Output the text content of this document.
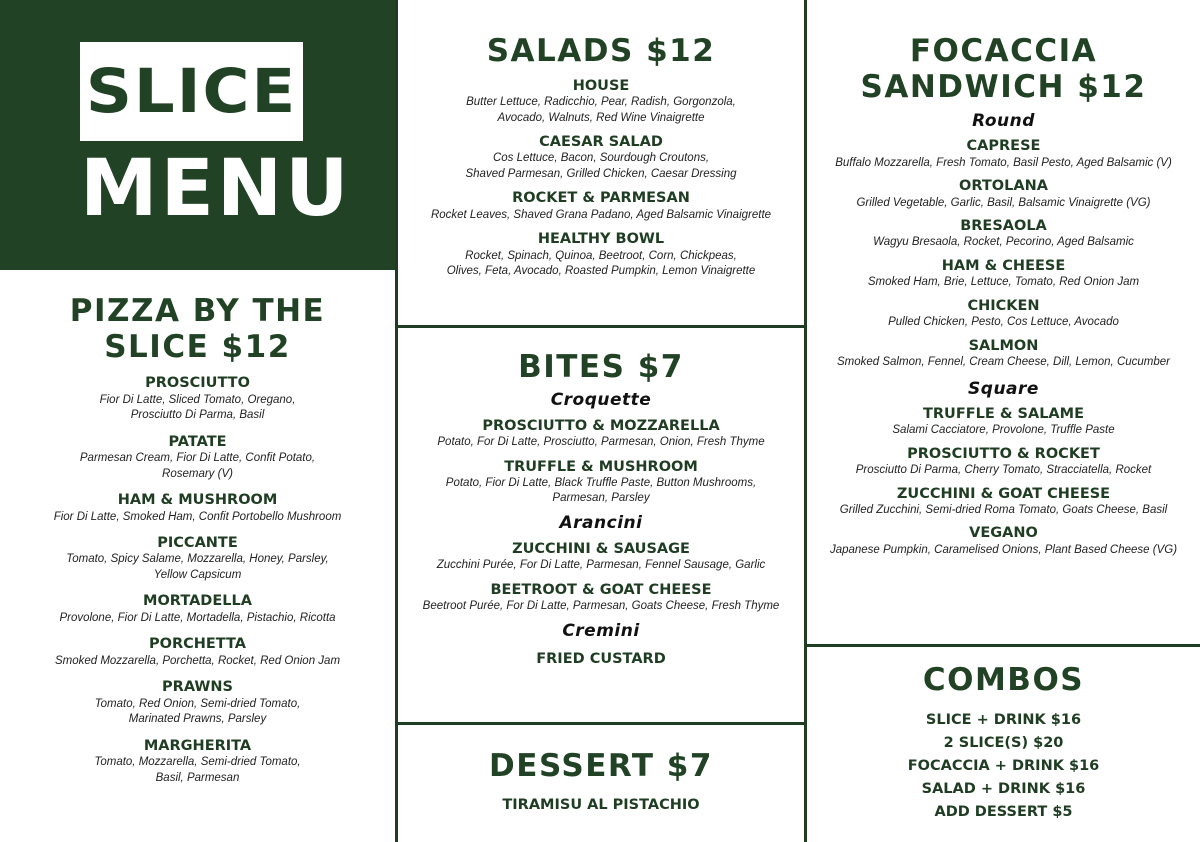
SLICE
MENU
PIZZA BY THE
SLICE $12
PROSCIUTTO
Fior Di Latte, Sliced Tomato, Oregano,
Prosciutto Di Parma, Basil
PATATE
Parmesan Cream, Fior Di Latte, Confit Potato,
Rosemary (V)
HAM & MUSHROOM
Fior Di Latte, Smoked Ham, Confit Portobello Mushroom
PICCANTE
Tomato, Spicy Salame, Mozzarella, Honey, Parsley,
Yellow Capsicum
MORTADELLA
Provolone, Fior Di Latte, Mortadella, Pistachio, Ricotta
PORCHETTA
Smoked Mozzarella, Porchetta, Rocket, Red Onion Jam
PRAWNS
Tomato, Red Onion, Semi-dried Tomato,
Marinated Prawns, Parsley
MARGHERITA
Tomato, Mozzarella, Semi-dried Tomato,
Basil, Parmesan
SALADS $12
HOUSE
Butter Lettuce, Radicchio, Pear, Radish, Gorgonzola,
Avocado, Walnuts, Red Wine Vinaigrette
CAESAR SALAD
Cos Lettuce, Bacon, Sourdough Croutons,
Shaved Parmesan, Grilled Chicken, Caesar Dressing
ROCKET & PARMESAN
Rocket Leaves, Shaved Grana Padano, Aged Balsamic Vinaigrette
HEALTHY BOWL
Rocket, Spinach, Quinoa, Beetroot, Corn, Chickpeas,
Olives, Feta, Avocado, Roasted Pumpkin, Lemon Vinaigrette
BITES $7
Croquette
PROSCIUTTO & MOZZARELLA
Potato, For Di Latte, Prosciutto, Parmesan, Onion, Fresh Thyme
TRUFFLE & MUSHROOM
Potato, Fior Di Latte, Black Truffle Paste, Button Mushrooms,
Parmesan, Parsley
Arancini
ZUCCHINI & SAUSAGE
Zucchini Purée, For Di Latte, Parmesan, Fennel Sausage, Garlic
BEETROOT & GOAT CHEESE
Beetroot Purée, For Di Latte, Parmesan, Goats Cheese, Fresh Thyme
Cremini
FRIED CUSTARD
DESSERT $7
TIRAMISU AL PISTACHIO
FOCACCIA
SANDWICH $12
Round
CAPRESE
Buffalo Mozzarella, Fresh Tomato, Basil Pesto, Aged Balsamic (V)
ORTOLANA
Grilled Vegetable, Garlic, Basil, Balsamic Vinaigrette (VG)
BRESAOLA
Wagyu Bresaola, Rocket, Pecorino, Aged Balsamic
HAM & CHEESE
Smoked Ham, Brie, Lettuce, Tomato, Red Onion Jam
CHICKEN
Pulled Chicken, Pesto, Cos Lettuce, Avocado
SALMON
Smoked Salmon, Fennel, Cream Cheese, Dill, Lemon, Cucumber
Square
TRUFFLE & SALAME
Salami Cacciatore, Provolone, Truffle Paste
PROSCIUTTO & ROCKET
Prosciutto Di Parma, Cherry Tomato, Stracciatella, Rocket
ZUCCHINI & GOAT CHEESE
Grilled Zucchini, Semi-dried Roma Tomato, Goats Cheese, Basil
VEGANO
Japanese Pumpkin, Caramelised Onions, Plant Based Cheese (VG)
COMBOS
SLICE + DRINK $16
2 SLICE(S) $20
FOCACCIA + DRINK $16
SALAD + DRINK $16
ADD DESSERT $5
